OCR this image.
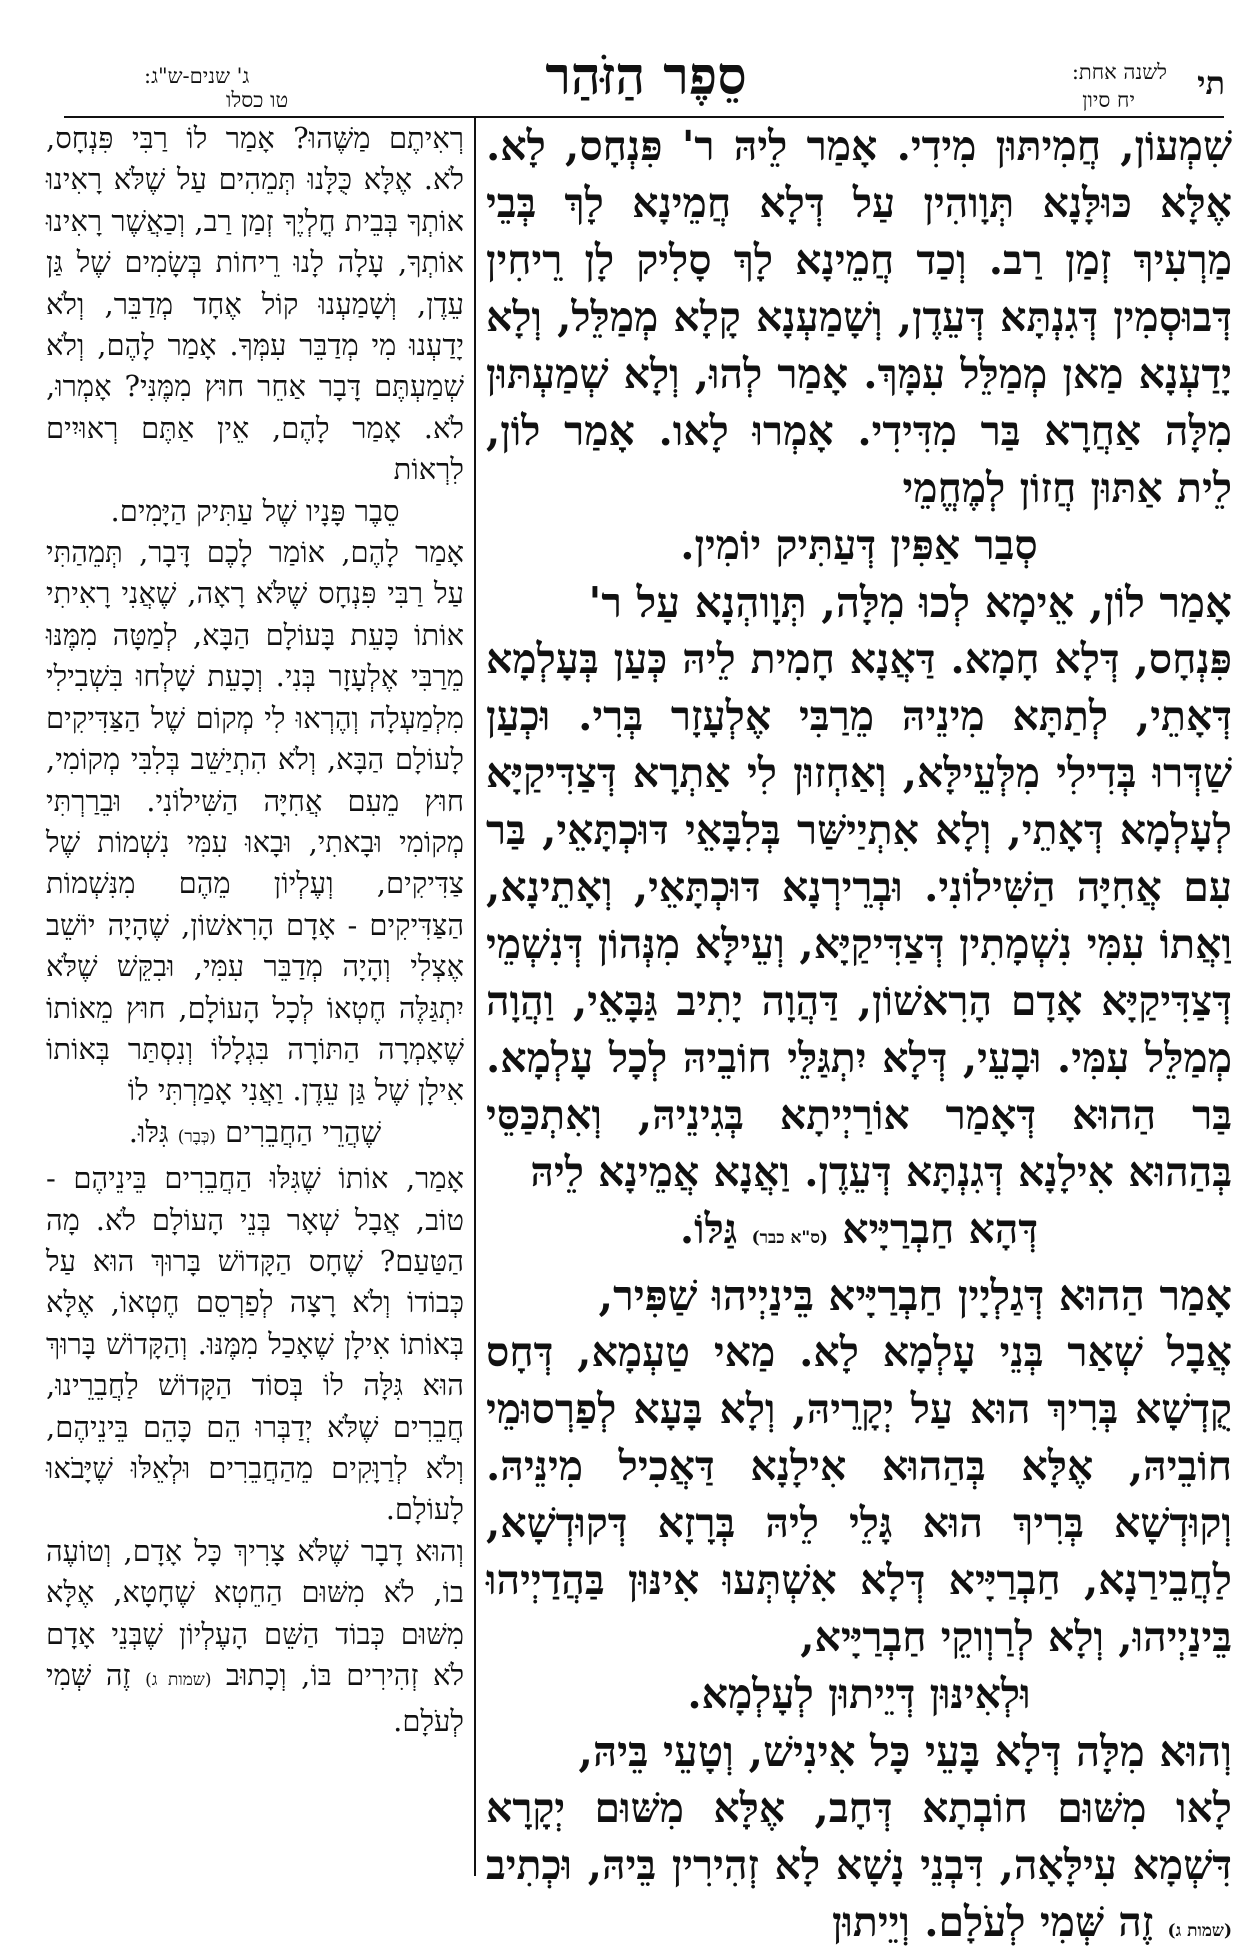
תי
לשנה אחת:
יח סיון
סֵפֶר הַזֹּהַר
ג' שנים-ש"ג:
טו כסלו

שִׁמְעוֹן, חֲמִיתּוּן מִידִי. אָמַר לֵיהּ ר' פִּנְחָס, לָא. אֶלָּא כּוּלָּנָא תְּוָוהִין עַל דְּלָא חֲמֵינָא לָךְ בְּבֵי מַרְעִיךְ זְמַן רַב. וְכַד חֲמֵינָא לָךְ סָלִיק לָן רֵיחִין דְּבוּסְמִין דְּגִנְתָּא דְּעֵדֶן, וְשָׁמַעְנָא קָלָא מְמַלֵּל, וְלָא יָדַעְנָא מַאן מְמַלֵּל עִמָּךְ. אָמַר לְהוּ, וְלָא שְׁמַעְתּוּן מִלָּה אַחֲרָא בַּר מִדִּידִי. אָמְרוּ לָאו. אָמַר לוֹן, לֵית אַתּוּן חֲזוֹן לְמֶחֱמֵי

סְבַר אַפִּין דְּעַתִּיק יוֹמִין.

אָמַר לוֹן, אֵימָא לְכוּ מִלָּה, תְּוָוהְנָא עַל ר'
פִּנְחָס, דְּלָא חָמָא. דַּאֲנָא חָמִית לֵיהּ כְּעַן בְּעָלְמָא דְּאָתֵי, לְתַתָּא מִינֵיהּ מֵרַבִּי אֶלְעָזָר בְּרִי. וּכְעַן שַׁדְּרוּ בְּדִילִי מִלְּעֵילָּא, וְאַחְזוּן לִי אַתְרָא דְּצַדִּיקַיָּא לְעָלְמָא דְּאָתֵי, וְלָא אִתְיַישַּׁר בְּלִבָּאֵי דּוּכְתָּאֵי, בַּר עִם אֲחִיָּה הַשִּׁילוֹנִי. וּבְרֵירְנָא דּוּכְתָּאֵי, וְאָתֵינָא, וַאֲתוֹ עִמִּי נִשְׁמָתִין דְּצַדִּיקַיָּא, וְעֵילָּא מִנְּהוֹן דְּנִשְׁמֵי דְּצַדִּיקַיָּא אָדָם הָרִאשׁוֹן, דַּהֲוָה יָתִיב גַּבָּאֵי, וַהֲוָה מְמַלֵּל עִמִּי. וּבָעֵי, דְּלָא יִתְגַּלֵּי חוֹבֵיהּ לְכָל עָלְמָא. בַּר הַהוּא דְּאָמַר אוֹרַיְיתָא בְּגִינֵיהּ, וְאִתְכַּסֵּי בְּהַהוּא אִילָנָא דְּגִנְתָּא דְּעֵדֶן. וַאֲנָא אֲמֵינָא לֵיהּ

דְּהָא חַבְרַיָּיא (ס"א כבר) גַּלּוֹ.

אָמַר הַהוּא דְּגַלְיָין חַבְרַיָּיא בֵּינַיְיהוּ שַׁפִּיר,
אֲבָל שְׁאַר בְּנֵי עָלְמָא לָא. מַאי טַעְמָא, דְּחָס קֻדְשָׁא בְּרִיךְ הוּא עַל יְקָרֵיהּ, וְלָא בָּעָא לְפַרְסוּמֵי חוֹבֵיהּ, אֶלָּא בְּהַהוּא אִילָנָא דַּאֲכִיל מִינֵּיהּ. וְקוּדְשָׁא בְּרִיךְ הוּא גָּלֵי לֵיהּ בְּרָזָא דְּקוּדְשָׁא, לַחֲבֵירַנָא, חַבְרַיָּיא דְּלָא אִשְׁתְּעוּ אִינּוּן בַּהֲדַיְיהוּ בֵּינַיְיהוּ, וְלָא לְרַוְוקֵי חַבְרַיָּיא,

וּלְאִינּוּן דְּיֵיתוּן לְעָלְמָא.

וְהוּא מִלָּה דְּלָא בָּעֵי כָּל אִינִישׁ, וְטָעֵי בֵּיהּ,
לָאו מִשּׁוּם חוֹבְתָא דְּחָב, אֶלָּא מִשּׁוּם יְקָרָא דִּשְׁמָא עִילָּאָה, דִּבְנֵי נָשָׁא לָא זְהִירִין בֵּיהּ, וּכְתִיב (שמות ג) זֶה שְּׁמִי לְעֹלָם. וְיֵיתוּן

רְאִיתֶם מַשֶּׁהוּ? אָמַר לוֹ רַבִּי פִּנְחָס, לֹא. אֶלָּא כֻּלָּנוּ תְּמֵהִים עַל שֶׁלֹּא רָאִינוּ אוֹתְךָ בְּבֵית חֳלְיֶךָ זְמַן רַב, וְכַאֲשֶׁר רָאִינוּ אוֹתְךָ, עָלָה לָנוּ רֵיחוֹת בְּשָׂמִים שֶׁל גַּן עֵדֶן, וְשָׁמַעְנוּ קוֹל אֶחָד מְדַבֵּר, וְלֹא יָדַעְנוּ מִי מְדַבֵּר עִמְּךָ. אָמַר לָהֶם, וְלֹא שְׁמַעְתֶּם דָּבָר אַחֵר חוּץ מִמֶּנִּי? אָמְרוּ, לֹא. אָמַר לָהֶם, אֵין אַתֶּם רְאוּיִים לִרְאוֹת

סֵבֶר פָּנָיו שֶׁל עַתִּיק הַיָּמִים.

אָמַר לָהֶם, אוֹמַר לָכֶם דָּבָר, תְּמֵהַתִּי עַל רַבִּי פִּנְחָס שֶׁלֹּא רָאָה, שֶׁאֲנִי רָאִיתִי אוֹתוֹ כָּעֵת בָּעוֹלָם הַבָּא, לְמַטָּה מִמֶּנּוּ מֵרַבִּי אֶלְעָזָר בְּנִי. וְכָעֵת שָׁלְחוּ בִּשְׁבִילִי מִלְמַעְלָה וְהֶרְאוּ לִי מְקוֹם שֶׁל הַצַּדִּיקִים לָעוֹלָם הַבָּא, וְלֹא הִתְיַשֵּׁב בְּלִבִּי מְקוֹמִי, חוּץ מֵעִם אֲחִיָּה הַשִּׁילוֹנִי. וּבֵרַרְתִּי מְקוֹמִי וּבָאתִי, וּבָאוּ עִמִּי נִשְׁמוֹת שֶׁל צַדִּיקִים, וְעֶלְיוֹן מֵהֶם מִנִּשְׁמוֹת הַצַּדִּיקִים - אָדָם הָרִאשׁוֹן, שֶׁהָיָה יוֹשֵׁב אֶצְלִי וְהָיָה מְדַבֵּר עִמִּי, וּבִקֵּשׁ שֶׁלֹּא יִתְגַּלֶּה חֶטְאוֹ לְכָל הָעוֹלָם, חוּץ מֵאוֹתוֹ שֶׁאָמְרָה הַתּוֹרָה בִּגְלָלוֹ וְנִסְתַּר בְּאוֹתוֹ אִילָן שֶׁל גַּן עֵדֶן. וַאֲנִי אָמַרְתִּי לוֹ

שֶׁהֲרֵי הַחֲבֵרִים (כְּבָר) גִּלּוּ.

אָמַר, אוֹתוֹ שֶׁגִּלּוּ הַחֲבֵרִים בֵּינֵיהֶם - טוֹב, אֲבָל שְׁאָר בְּנֵי הָעוֹלָם לֹא. מָה הַטַּעַם? שֶׁחָס הַקָּדוֹשׁ בָּרוּךְ הוּא עַל כְּבוֹדוֹ וְלֹא רָצָה לְפַרְסֵם חֶטְאוֹ, אֶלָּא בְּאוֹתוֹ אִילָן שֶׁאָכַל מִמֶּנּוּ. וְהַקָּדוֹשׁ בָּרוּךְ הוּא גִּלָּה לוֹ בְּסוֹד הַקָּדוֹשׁ לַחֲבֵרֵינוּ, חֲבֵרִים שֶׁלֹּא יְדַבְּרוּ הֵם כָּהֵם בֵּינֵיהֶם, וְלֹא לְרַוָּקִים מֵהַחֲבֵרִים וּלְאֵלּוּ שֶׁיָּבֹאוּ לָעוֹלָם.

וְהוּא דָבָר שֶׁלֹּא צָרִיךְ כָּל אָדָם, וְטוֹעֶה בוֹ, לֹא מִשּׁוּם הַחֵטְא שֶׁחָטָא, אֶלָּא מִשּׁוּם כְּבוֹד הַשֵּׁם הָעֶלְיוֹן שֶׁבְּנֵי אָדָם לֹא זְהִירִים בּוֹ, וְכָתוּב (שמות ג) זֶה שְּׁמִי לְעֹלָם.
